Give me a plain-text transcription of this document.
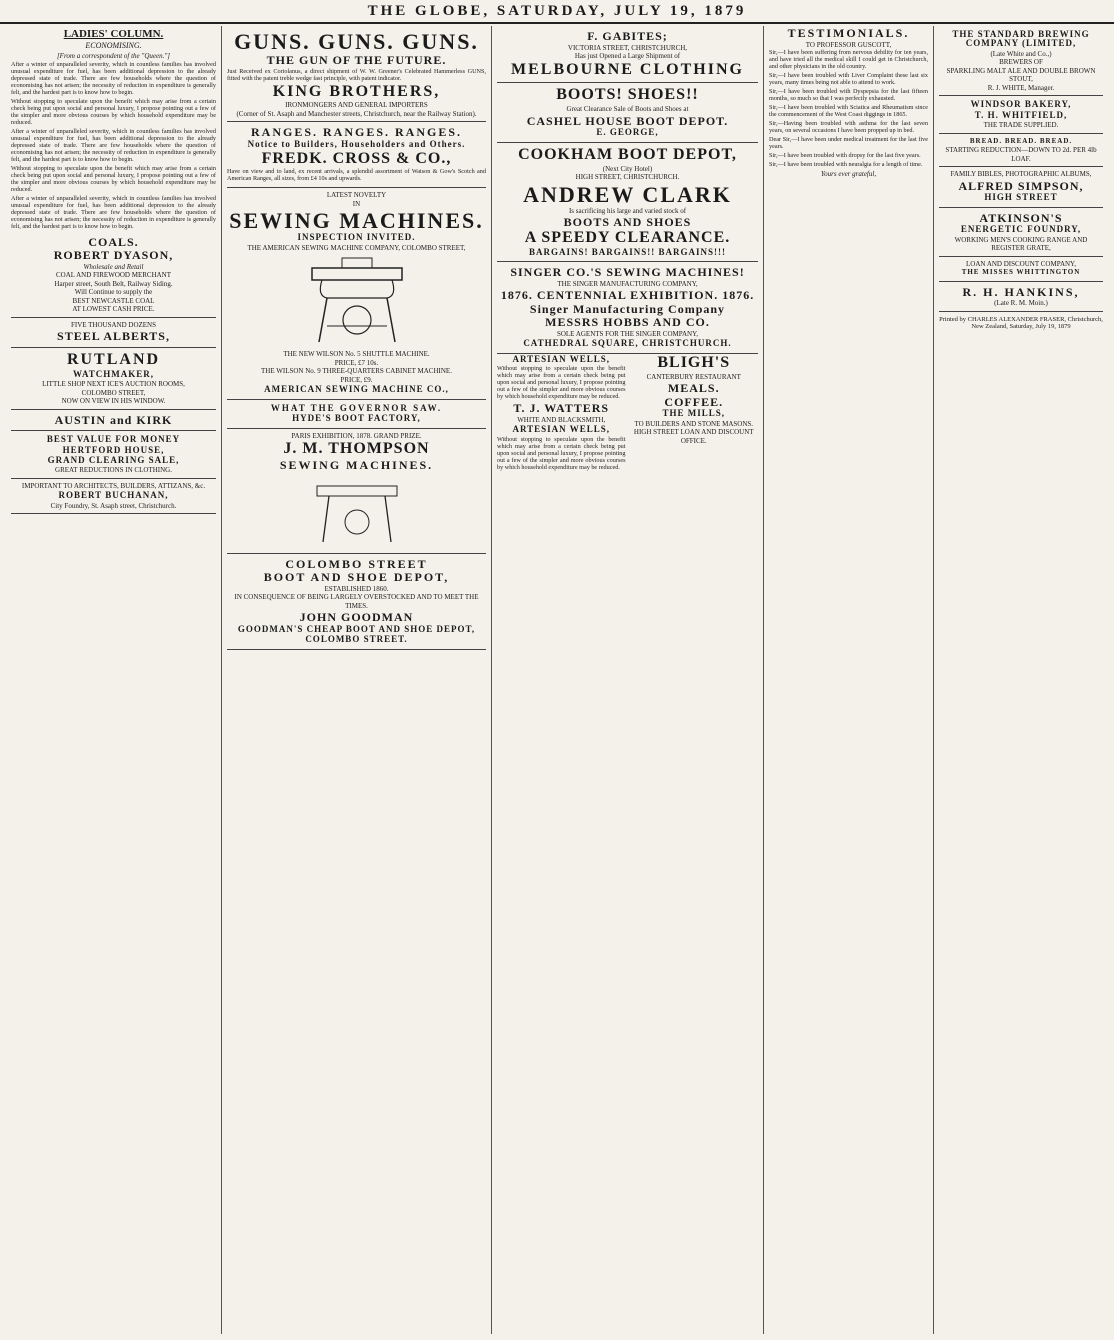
THE GLOBE, SATURDAY, JULY 19, 1879
LADIES' COLUMN.
ECONOMISING.
[From a correspondent of the "Queen."]

After a winter of unparalleled severity, which in countless families has involved unusual expenditure for fuel, has been additional depression to the already depressed state of trade. There are few households where the question of economising has not arisen; the necessity of reduction in expenditure is generally felt, and the hardest part is to know how to begin.

Without stopping to speculate upon the benefit which may arise from a certain check being put upon social and personal luxury, I propose pointing out a few of the simpler and more obvious courses by which household expenditure may be reduced.

After a winter of unparalleled severity, which in countless families has involved unusual expenditure for fuel, has been additional depression to the already depressed state of trade. There are few households where the question of economising has not arisen; the necessity of reduction in expenditure is generally felt, and the hardest part is to know how to begin.

Without stopping to speculate upon the benefit which may arise from a certain check being put upon social and personal luxury, I propose pointing out a few of the simpler and more obvious courses by which household expenditure may be reduced.

After a winter of unparalleled severity, which in countless families has involved unusual expenditure for fuel, has been additional depression to the already depressed state of trade. There are few households where the question of economising has not arisen; the necessity of reduction in expenditure is generally felt, and the hardest part is to know how to begin.

COALS.
ROBERT DYASON,
Wholesale and Retail
COAL AND FIREWOOD MERCHANT
Harper street, South Belt, Railway Siding.
Will Continue to supply the
BEST NEWCASTLE COAL
AT LOWEST CASH PRICE.
FIVE THOUSAND DOZENS
STEEL ALBERTS,
RUTLAND
WATCHMAKER,
LITTLE SHOP NEXT ICE'S AUCTION ROOMS,
COLOMBO STREET,
NOW ON VIEW IN HIS WINDOW.
AUSTIN and KIRK
BEST VALUE FOR MONEY
HERTFORD HOUSE,
GRAND CLEARING SALE,
GREAT REDUCTIONS IN CLOTHING.
IMPORTANT TO ARCHITECTS, BUILDERS, ATTIZANS, &c.
ROBERT BUCHANAN,
City Foundry, St. Asaph street, Christchurch.
GUNS. GUNS. GUNS.
THE GUN OF THE FUTURE.

Just Received ex Coriolanus, a direct shipment of W. W. Greener's Celebrated Hammerless GUNS, fitted with the patent treble wedge fast principle, with patent indicator.

KING BROTHERS,
IRONMONGERS AND GENERAL IMPORTERS
(Corner of St. Asaph and Manchester streets, Christchurch, near the Railway Station).
RANGES. RANGES. RANGES.
Notice to Builders, Householders and Others.
FREDK. CROSS & CO.,

Have on view and to land, ex recent arrivals, a splendid assortment of Watson & Gow's Scotch and American Ranges, all sizes, from £4 10s and upwards.

LATEST NOVELTY
IN
SEWING MACHINES.
INSPECTION INVITED.
THE AMERICAN SEWING MACHINE COMPANY, COLOMBO STREET,
THE NEW WILSON No. 5 SHUTTLE MACHINE.
PRICE, £7 10s.
THE WILSON No. 9 THREE-QUARTERS CABINET MACHINE.
PRICE, £9.
AMERICAN SEWING MACHINE CO.,
WHAT THE GOVERNOR SAW.
HYDE'S BOOT FACTORY,
PARIS EXHIBITION, 1878. GRAND PRIZE.
J. M. THOMPSON
SEWING MACHINES.
COLOMBO STREET
BOOT AND SHOE DEPOT,
ESTABLISHED 1860.
IN CONSEQUENCE OF BEING LARGELY OVERSTOCKED AND TO MEET THE TIMES.
JOHN GOODMAN
GOODMAN'S CHEAP BOOT AND SHOE DEPOT,
COLOMBO STREET.
F. GABITES;
VICTORIA STREET, CHRISTCHURCH,
Has just Opened a Large Shipment of
MELBOURNE CLOTHING
BOOTS! SHOES!!
Great Clearance Sale of Boots and Shoes at
CASHEL HOUSE BOOT DEPOT.
E. GEORGE,
COOKHAM BOOT DEPOT,
(Next City Hotel)
HIGH STREET, CHRISTCHURCH.
ANDREW CLARK
Is sacrificing his large and varied stock of
BOOTS AND SHOES
A SPEEDY CLEARANCE.
BARGAINS! BARGAINS!! BARGAINS!!!
SINGER CO.'S SEWING MACHINES!
THE SINGER MANUFACTURING COMPANY,
1876. CENTENNIAL EXHIBITION. 1876.
Singer Manufacturing Company
MESSRS HOBBS AND CO.
SOLE AGENTS FOR THE SINGER COMPANY,
CATHEDRAL SQUARE, CHRISTCHURCH.
ARTESIAN WELLS,

Without stopping to speculate upon the benefit which may arise from a certain check being put upon social and personal luxury, I propose pointing out a few of the simpler and more obvious courses by which household expenditure may be reduced.

T. J. WATTERS
WHITE AND BLACKSMITH,
ARTESIAN WELLS,

Without stopping to speculate upon the benefit which may arise from a certain check being put upon social and personal luxury, I propose pointing out a few of the simpler and more obvious courses by which household expenditure may be reduced.

BLIGH'S
CANTERBURY RESTAURANT
MEALS.
COFFEE.
THE MILLS,
TO BUILDERS AND STONE MASONS.
HIGH STREET LOAN AND DISCOUNT OFFICE.
TESTIMONIALS.
TO PROFESSOR GUSCOTT,

Sir,—I have been suffering from nervous debility for ten years, and have tried all the medical skill I could get in Christchurch, and other physicians in the old country.

Sir,—I have been troubled with Liver Complaint these last six years, many times being not able to attend to work.

Sir,—I have been troubled with Dyspepsia for the last fifteen months, so much so that I was perfectly exhausted.

Sir,—I have been troubled with Sciatica and Rheumatism since the commencement of the West Coast diggings in 1865.

Sir,—Having been troubled with asthma for the last seven years, on several occasions I have been propped up in bed.

Dear Sir,—I have been under medical treatment for the last five years.

Sir,—I have been troubled with dropsy for the last five years.

Sir,—I have been troubled with neuralgia for a length of time.

Yours ever grateful,
THE STANDARD BREWING COMPANY (LIMITED,
(Late White and Co.,)
BREWERS OF
SPARKLING MALT ALE AND DOUBLE BROWN STOUT,
R. J. WHITE, Manager.
WINDSOR BAKERY,
T. H. WHITFIELD,
THE TRADE SUPPLIED.
BREAD. BREAD. BREAD.
STARTING REDUCTION—DOWN TO 2d. PER 4lb LOAF.
FAMILY BIBLES, PHOTOGRAPHIC ALBUMS,
ALFRED SIMPSON,
HIGH STREET
ATKINSON'S
ENERGETIC FOUNDRY,
WORKING MEN'S COOKING RANGE AND REGISTER GRATE,
LOAN AND DISCOUNT COMPANY,
THE MISSES WHITTINGTON
R. H. HANKINS,
(Late R. M. Moin.)
Printed by CHARLES ALEXANDER FRASER, Christchurch, New Zealand, Saturday, July 19, 1879
